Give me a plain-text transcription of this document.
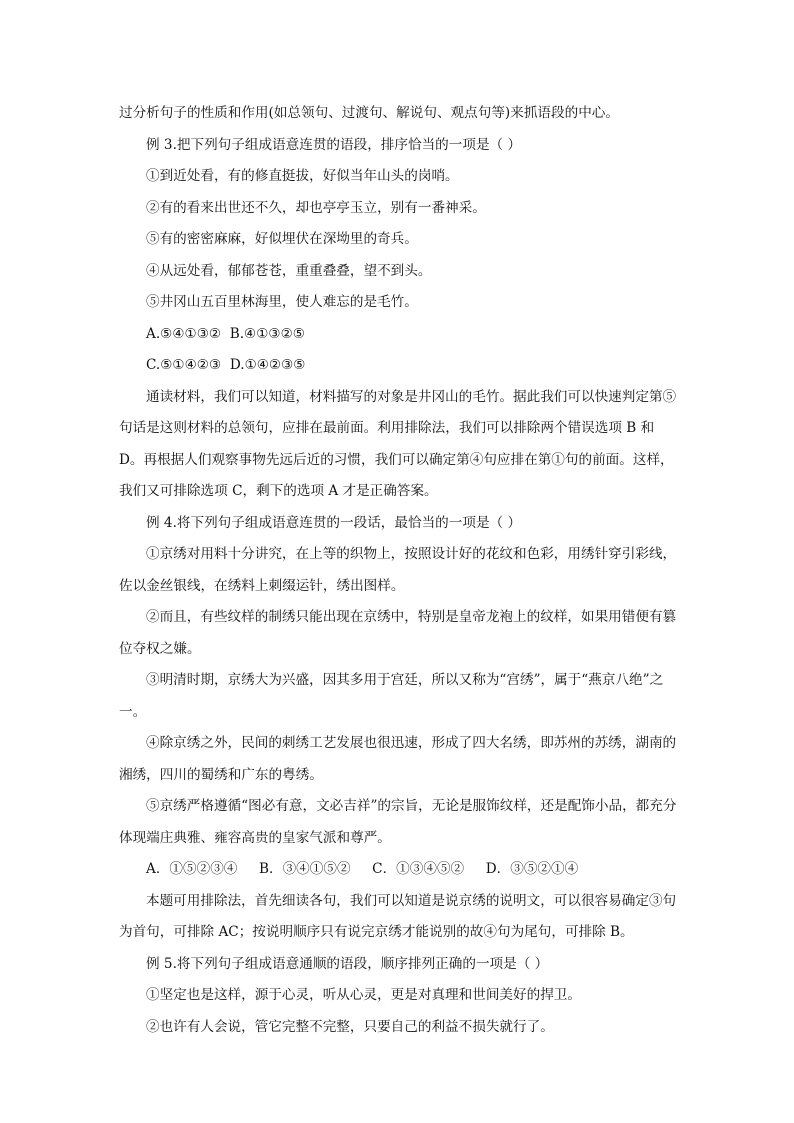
过分析句子的性质和作用(如总领句、过渡句、解说句、观点句等)来抓语段的中心。

例 3.把下列句子组成语意连贯的语段，排序恰当的一项是（ ）

①到近处看，有的修直挺拔，好似当年山头的岗哨。

②有的看来出世还不久，却也亭亭玉立，别有一番神采。

⑤有的密密麻麻，好似埋伏在深坳里的奇兵。

④从远处看，郁郁苍苍，重重叠叠，望不到头。

⑤井冈山五百里林海里，使人难忘的是毛竹。

A.⑤④①③② B.④①③②⑤
C.⑤①④②③ D.①④②③⑤

通读材料，我们可以知道，材料描写的对象是井冈山的毛竹。据此我们可以快速判定第⑤句话是这则材料的总领句，应排在最前面。利用排除法，我们可以排除两个错误选项 B 和 D。再根据人们观察事物先远后近的习惯，我们可以确定第④句应排在第①句的前面。这样，我们又可排除选项 C，剩下的选项 A 才是正确答案。

例 4.将下列句子组成语意连贯的一段话，最恰当的一项是（ ）

①京绣对用料十分讲究，在上等的织物上，按照设计好的花纹和色彩，用绣针穿引彩线，佐以金丝银线，在绣料上刺缀运针，绣出图样。

②而且，有些纹样的制绣只能出现在京绣中，特别是皇帝龙袍上的纹样，如果用错便有篡位夺权之嫌。

③明清时期，京绣大为兴盛，因其多用于宫廷，所以又称为“宫绣”，属于“燕京八绝”之一。

④除京绣之外，民间的刺绣工艺发展也很迅速，形成了四大名绣，即苏州的苏绣，湖南的湘绣，四川的蜀绣和广东的粤绣。

⑤京绣严格遵循“图必有意，文必吉祥”的宗旨，无论是服饰纹样，还是配饰小品，都充分体现端庄典雅、雍容高贵的皇家气派和尊严。

A．①⑤②③④ B．③④①⑤② C．①③④⑤② D．③⑤②①④

本题可用排除法，首先细读各句，我们可以知道是说京绣的说明文，可以很容易确定③句为首句，可排除 AC；按说明顺序只有说完京绣才能说别的故④句为尾句，可排除 B。

例 5.将下列句子组成语意通顺的语段，顺序排列正确的一项是（ ）

①坚定也是这样，源于心灵，听从心灵，更是对真理和世间美好的捍卫。

②也许有人会说，管它完整不完整，只要自己的利益不损失就行了。
